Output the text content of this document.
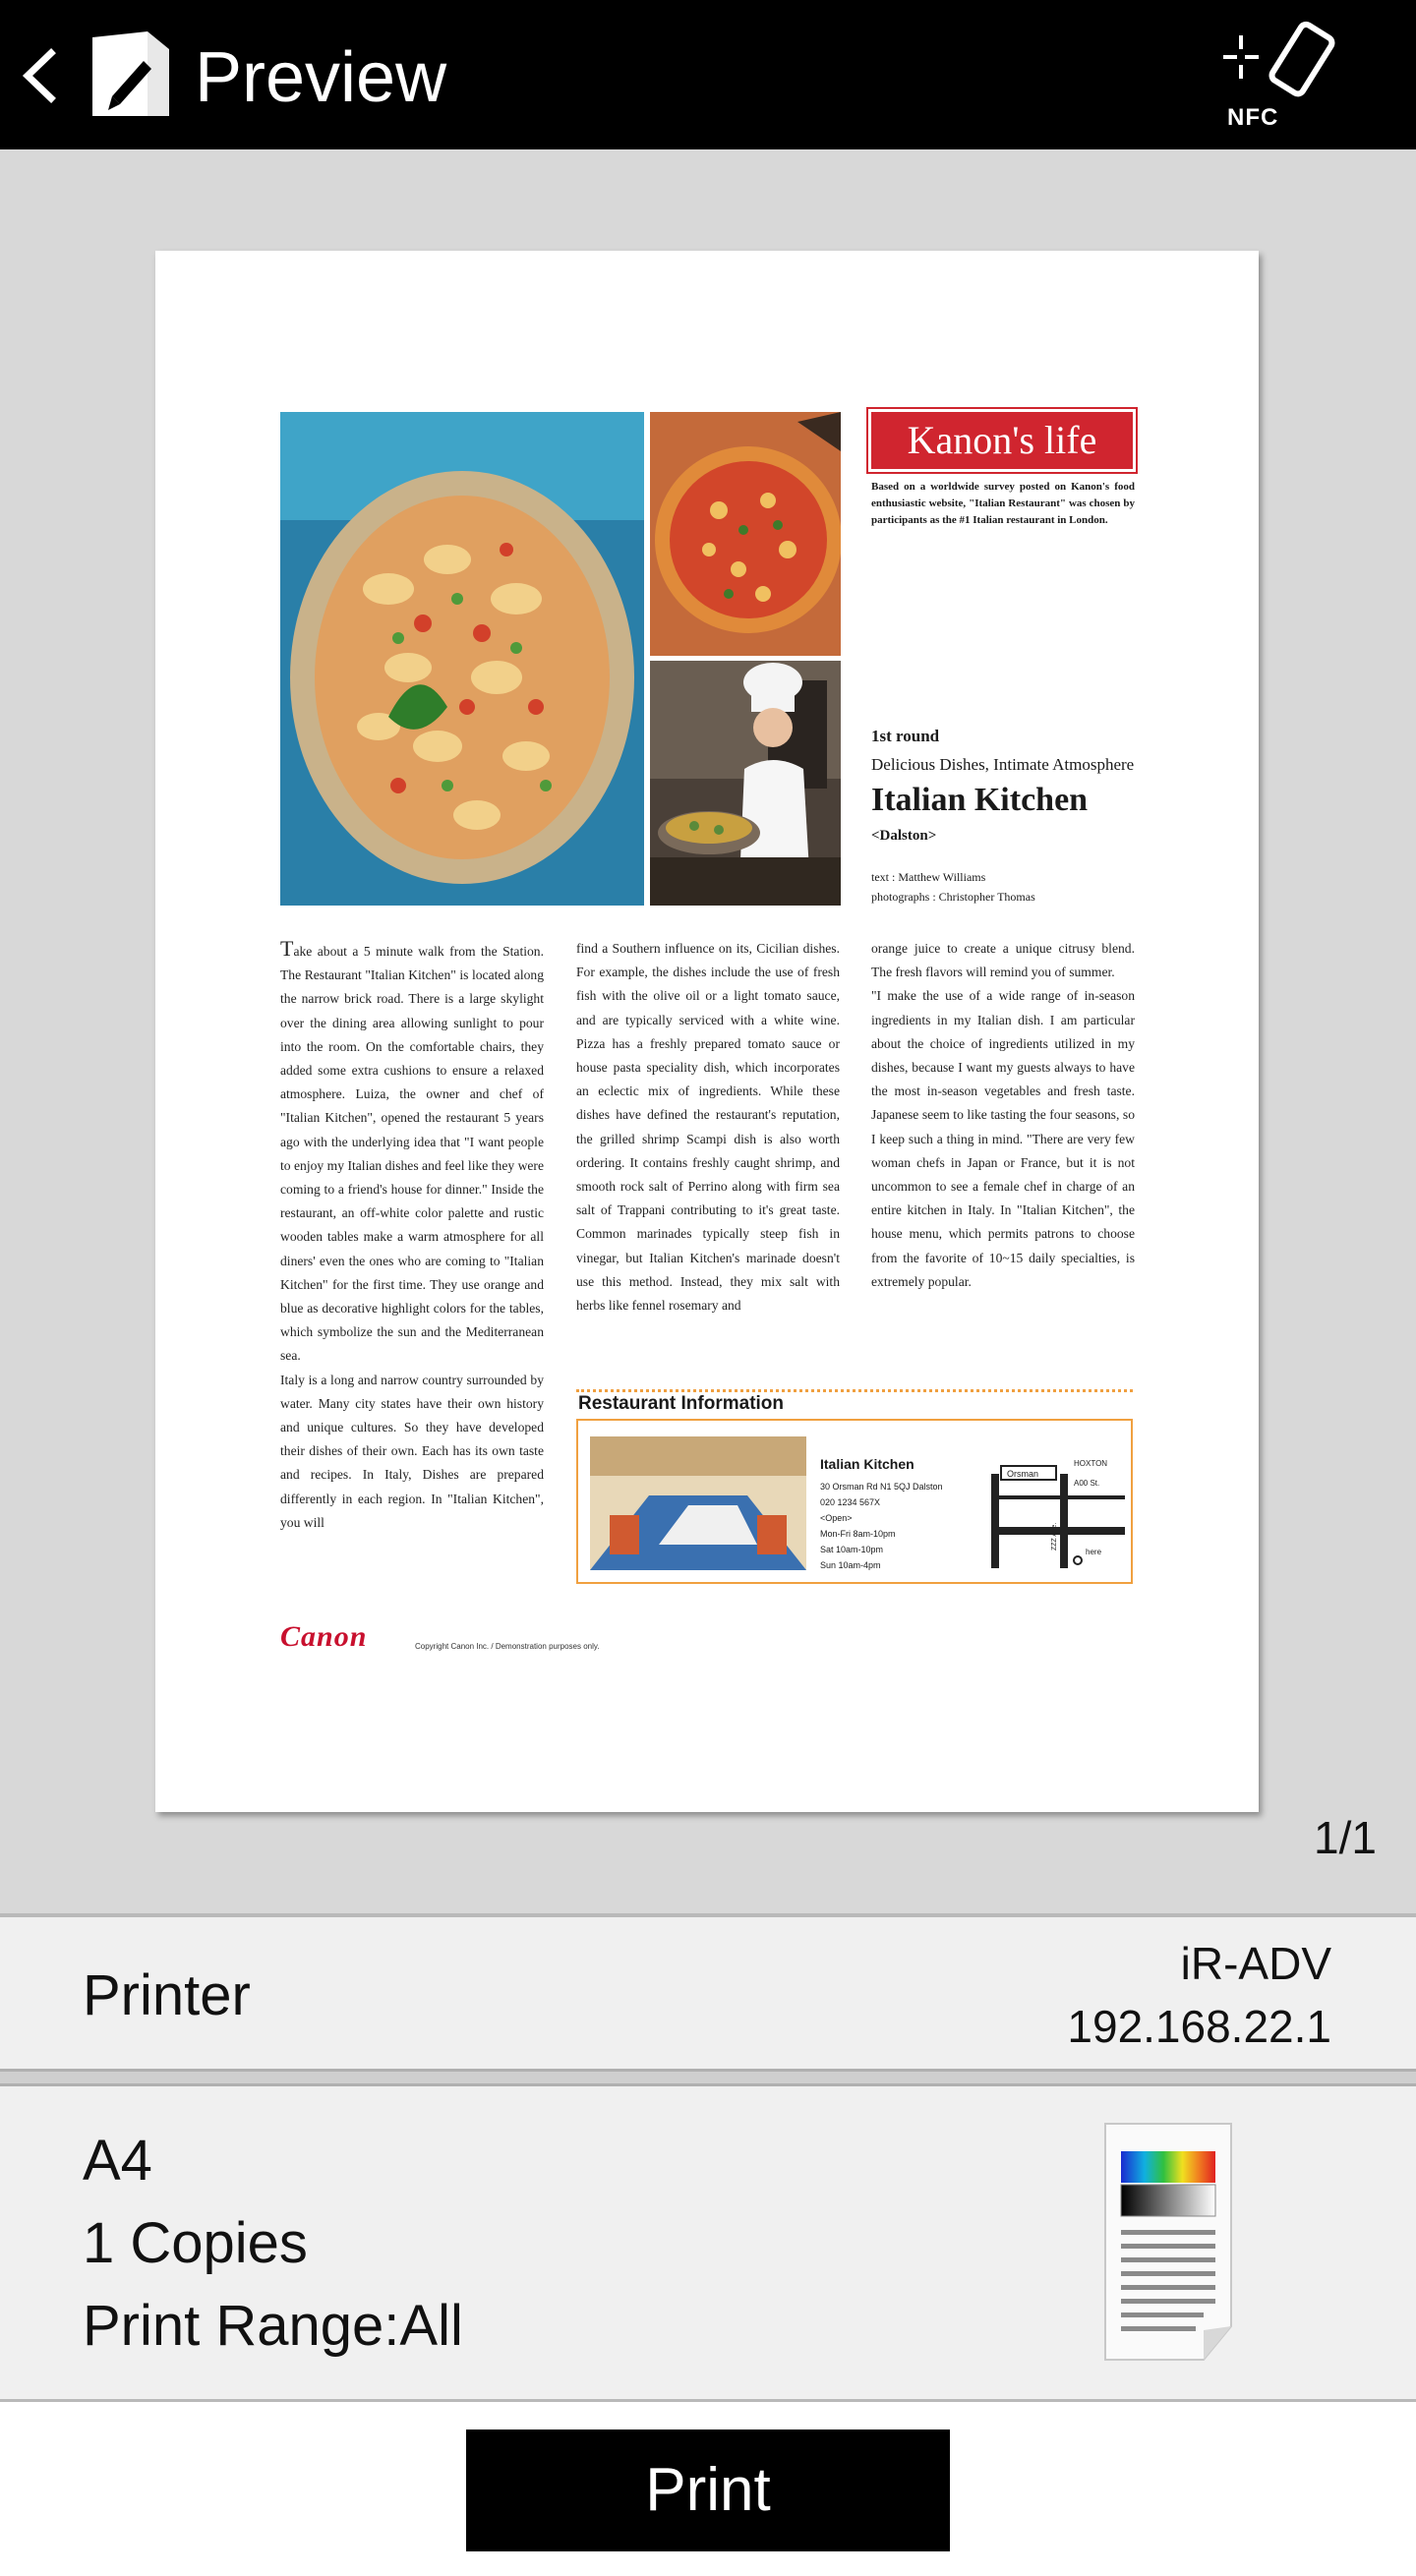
Preview
NFC
Kanon's life
Based on a worldwide survey posted on Kanon's food enthusiastic website, "Italian Restaurant" was chosen by participants as the #1 Italian restaurant in London.
1st round
Delicious Dishes, Intimate Atmosphere
Italian Kitchen
<Dalston>
text : Matthew Williams
photographs : Christopher Thomas
Take about a 5 minute walk from the Station. The Restaurant "Italian Kitchen" is located along the narrow brick road. There is a large skylight over the dining area allowing sunlight to pour into the room. On the comfortable chairs, they added some extra cushions to ensure a relaxed atmosphere. Luiza, the owner and chef of "Italian Kitchen", opened the restaurant 5 years ago with the underlying idea that "I want people to enjoy my Italian dishes and feel like they were coming to a friend's house for dinner." Inside the restaurant, an off-white color palette and rustic wooden tables make a warm atmosphere for all diners' even the ones who are coming to "Italian Kitchen" for the first time. They use orange and blue as decorative highlight colors for the tables, which symbolize the sun and the Mediterranean sea.
Italy is a long and narrow country surrounded by water. Many city states have their own history and unique cultures. So they have developed their dishes of their own. Each has its own taste and recipes. In Italy, Dishes are prepared differently in each region. In "Italian Kitchen", you will
find a Southern influence on its, Cicilian dishes. For example, the dishes include the use of fresh fish with the olive oil or a light tomato sauce, and are typically serviced with a white wine. Pizza has a freshly prepared tomato sauce or house pasta speciality dish, which incorporates an eclectic mix of ingredients. While these dishes have defined the restaurant's reputation, the grilled shrimp Scampi dish is also worth ordering. It contains freshly caught shrimp, and smooth rock salt of Perrino along with firm sea salt of Trappani contributing to it's great taste. Common marinades typically steep fish in vinegar, but Italian Kitchen's marinade doesn't use this method. Instead, they mix salt with herbs like fennel rosemary and
orange juice to create a unique citrusy blend. The fresh flavors will remind you of summer.
"I make the use of a wide range of in-season ingredients in my Italian dish. I am particular about the choice of ingredients utilized in my dishes, because I want my guests always to have the most in-season vegetables and fresh taste. Japanese seem to like tasting the four seasons, so I keep such a thing in mind. "There are very few woman chefs in Japan or France, but it is not uncommon to see a female chef in charge of an entire kitchen in Italy. In "Italian Kitchen", the house menu, which permits patrons to choose from the favorite of 10~15 daily specialties, is extremely popular.
Restaurant Information
Italian Kitchen
30 Orsman Rd N1 5QJ Dalston
020 1234 567X
<Open>
Mon-Fri 8am-10pm
Sat 10am-10pm
Sun 10am-4pm
Orsman
HOXTON
A00 St.
ZZZ Ave.
here
Canon	Copyright Canon Inc. / Demonstration purposes only.
1/1
Printer	iR-ADV
192.168.22.1
A4
1 Copies
Print Range:All
Print
